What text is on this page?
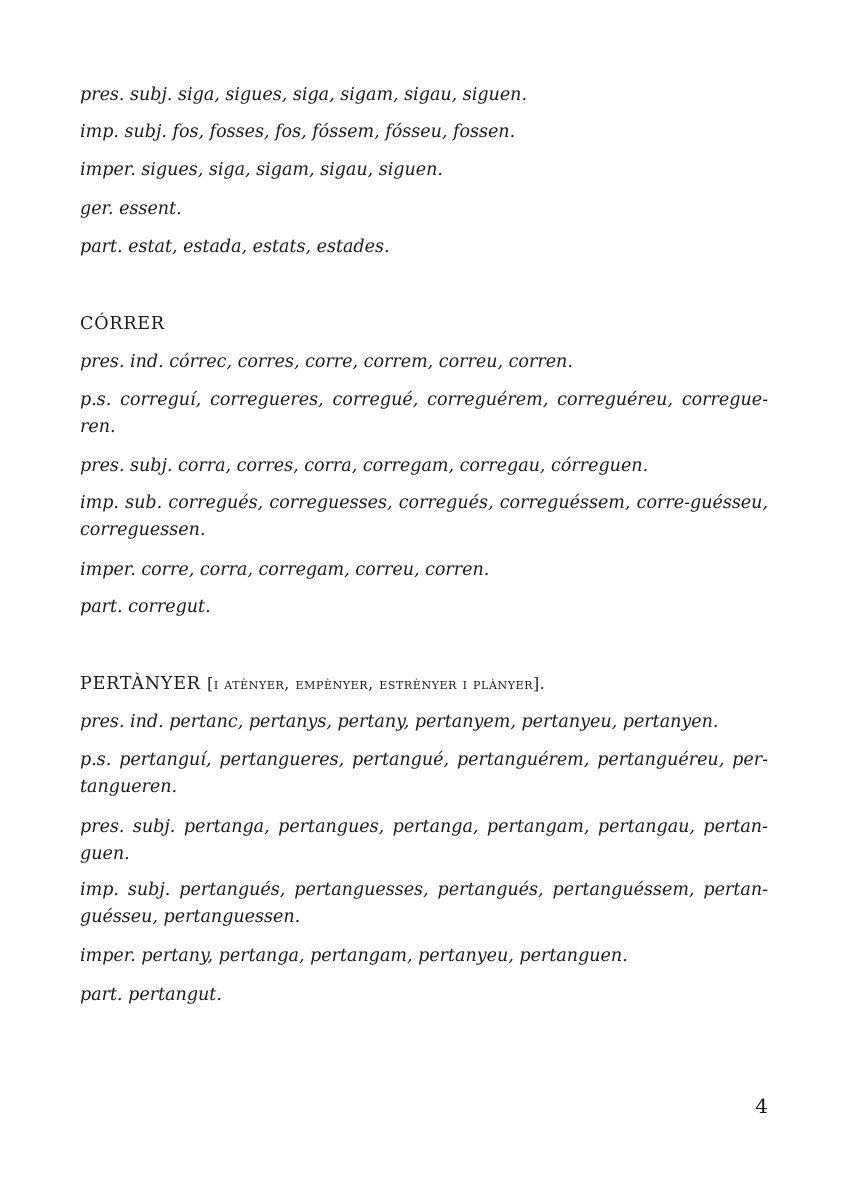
pres. subj. siga, sigues, siga, sigam, sigau, siguen.
imp. subj. fos, fosses, fos, fóssem, fósseu, fossen.
imper. sigues, siga, sigam, sigau, siguen.
ger. essent.
part. estat, estada, estats, estades.
CÓRRER
pres. ind. córrec, corres, corre, correm, correu, corren.
p.s. correguí, corregueres, corregué, correguérem, correguéreu, corregue-ren.
pres. subj. corra, corres, corra, corregam, corregau, córreguen.
imp. sub. corregués, correguesses, corregués, correguéssem, corre-guésseu, correguessen.
imper. corre, corra, corregam, correu, corren.
part. corregut.
PERTÀNYER [i atènyer, empènyer, estrènyer i plànyer].
pres. ind. pertanc, pertanys, pertany, pertanyem, pertanyeu, pertanyen.
p.s. pertanguí, pertangueres, pertangué, pertanguérem, pertanguéreu, per-tangueren.
pres. subj. pertanga, pertangues, pertanga, pertangam, pertangau, pertan-guen.
imp. subj. pertangués, pertanguesses, pertangués, pertanguéssem, pertan-guésseu, pertanguessen.
imper. pertany, pertanga, pertangam, pertanyeu, pertanguen.
part. pertangut.
4
